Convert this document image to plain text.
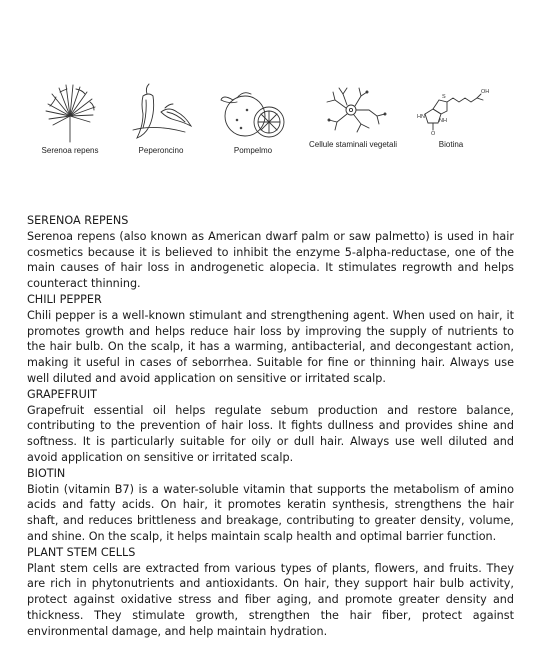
Serenoa repens	Peperoncino	Pompelmo
Cellule staminali vegetali
HN
NH
O
S
OH
Biotina
SERENOA REPENS

Serenoa repens (also known as American dwarf palm or saw palmetto) is used in hair cosmetics because it is believed to inhibit the enzyme 5-alpha-reductase, one of the main causes of hair loss in androgenetic alopecia. It stimulates regrowth and helps counteract thinning.

CHILI PEPPER

Chili pepper is a well-known stimulant and strengthening agent. When used on hair, it promotes growth and helps reduce hair loss by improving the supply of nutrients to the hair bulb. On the scalp, it has a warming, antibacterial, and decongestant action, making it useful in cases of seborrhea. Suitable for fine or thinning hair. Always use well diluted and avoid application on sensitive or irritated scalp.

GRAPEFRUIT

Grapefruit essential oil helps regulate sebum production and restore balance, contributing to the prevention of hair loss. It fights dullness and provides shine and softness. It is particularly suitable for oily or dull hair. Always use well diluted and avoid application on sensitive or irritated scalp.

BIOTIN

Biotin (vitamin B7) is a water-soluble vitamin that supports the metabolism of amino acids and fatty acids. On hair, it promotes keratin synthesis, strengthens the hair shaft, and reduces brittleness and breakage, contributing to greater density, volume, and shine. On the scalp, it helps maintain scalp health and optimal barrier function.

PLANT STEM CELLS

Plant stem cells are extracted from various types of plants, flowers, and fruits. They are rich in phytonutrients and antioxidants. On hair, they support hair bulb activity, protect against oxidative stress and fiber aging, and promote greater density and thickness. They stimulate growth, strengthen the hair fiber, protect against environmental damage, and help maintain hydration.
